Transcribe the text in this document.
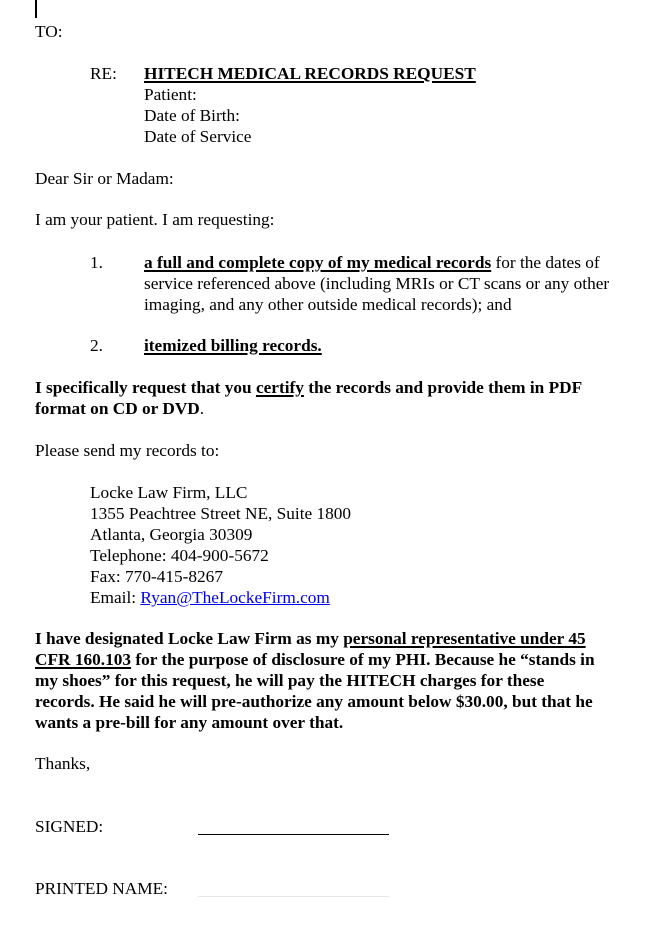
TO:
RE: HITECH MEDICAL RECORDS REQUEST
Patient:
Date of Birth:
Date of Service
Dear Sir or Madam:
I am your patient. I am requesting:
1. a full and complete copy of my medical records for the dates of
service referenced above (including MRIs or CT scans or any other
imaging, and any other outside medical records); and
2. itemized billing records.
I specifically request that you certify the records and provide them in PDF
format on CD or DVD.
Please send my records to:
Locke Law Firm, LLC
1355 Peachtree Street NE, Suite 1800
Atlanta, Georgia 30309
Telephone: 404-900-5672
Fax: 770-415-8267
Email: Ryan@TheLockeFirm.com
I have designated Locke Law Firm as my personal representative under 45
CFR 160.103 for the purpose of disclosure of my PHI. Because he “stands in
my shoes” for this request, he will pay the HITECH charges for these
records. He said he will pre-authorize any amount below $30.00, but that he
wants a pre-bill for any amount over that.
Thanks,
SIGNED:
PRINTED NAME:
